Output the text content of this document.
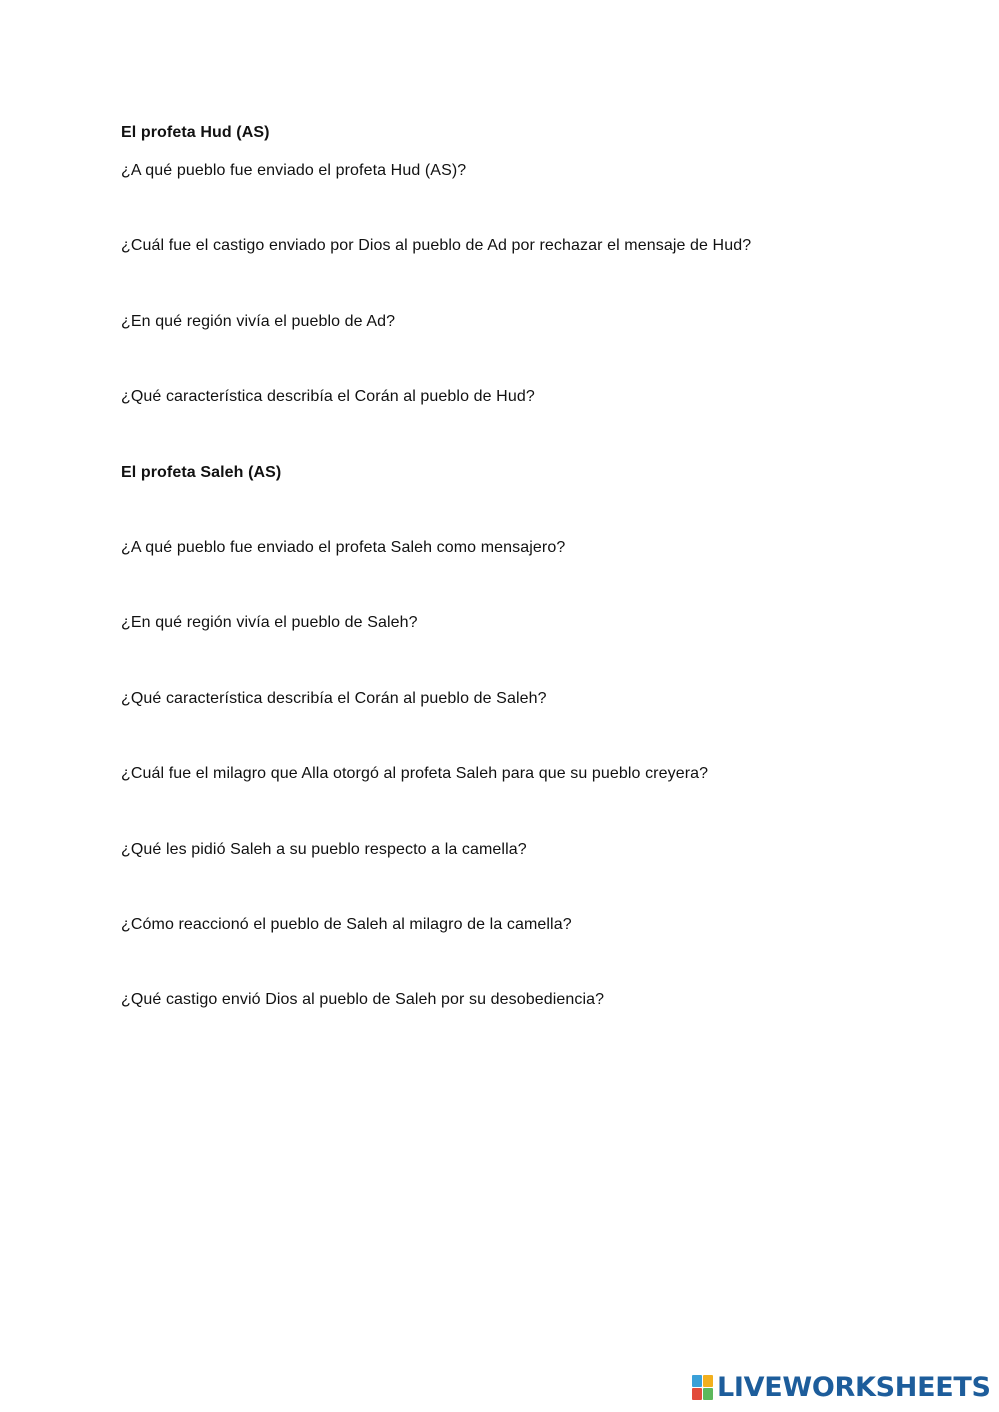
El profeta Hud (AS)
¿A qué pueblo fue enviado el profeta Hud (AS)?
¿Cuál fue el castigo enviado por Dios al pueblo de Ad por rechazar el mensaje de Hud?
¿En qué región vivía el pueblo de Ad?
¿Qué característica describía el Corán al pueblo de Hud?
El profeta Saleh (AS)
¿A qué pueblo fue enviado el profeta Saleh como mensajero?
¿En qué región vivía el pueblo de Saleh?
¿Qué característica describía el Corán al pueblo de Saleh?
¿Cuál fue el milagro que Alla otorgó al profeta Saleh para que su pueblo creyera?
¿Qué les pidió Saleh a su pueblo respecto a la camella?
¿Cómo reaccionó el pueblo de Saleh al milagro de la camella?
¿Qué castigo envió Dios al pueblo de Saleh por su desobediencia?
LIVEWORKSHEETS
